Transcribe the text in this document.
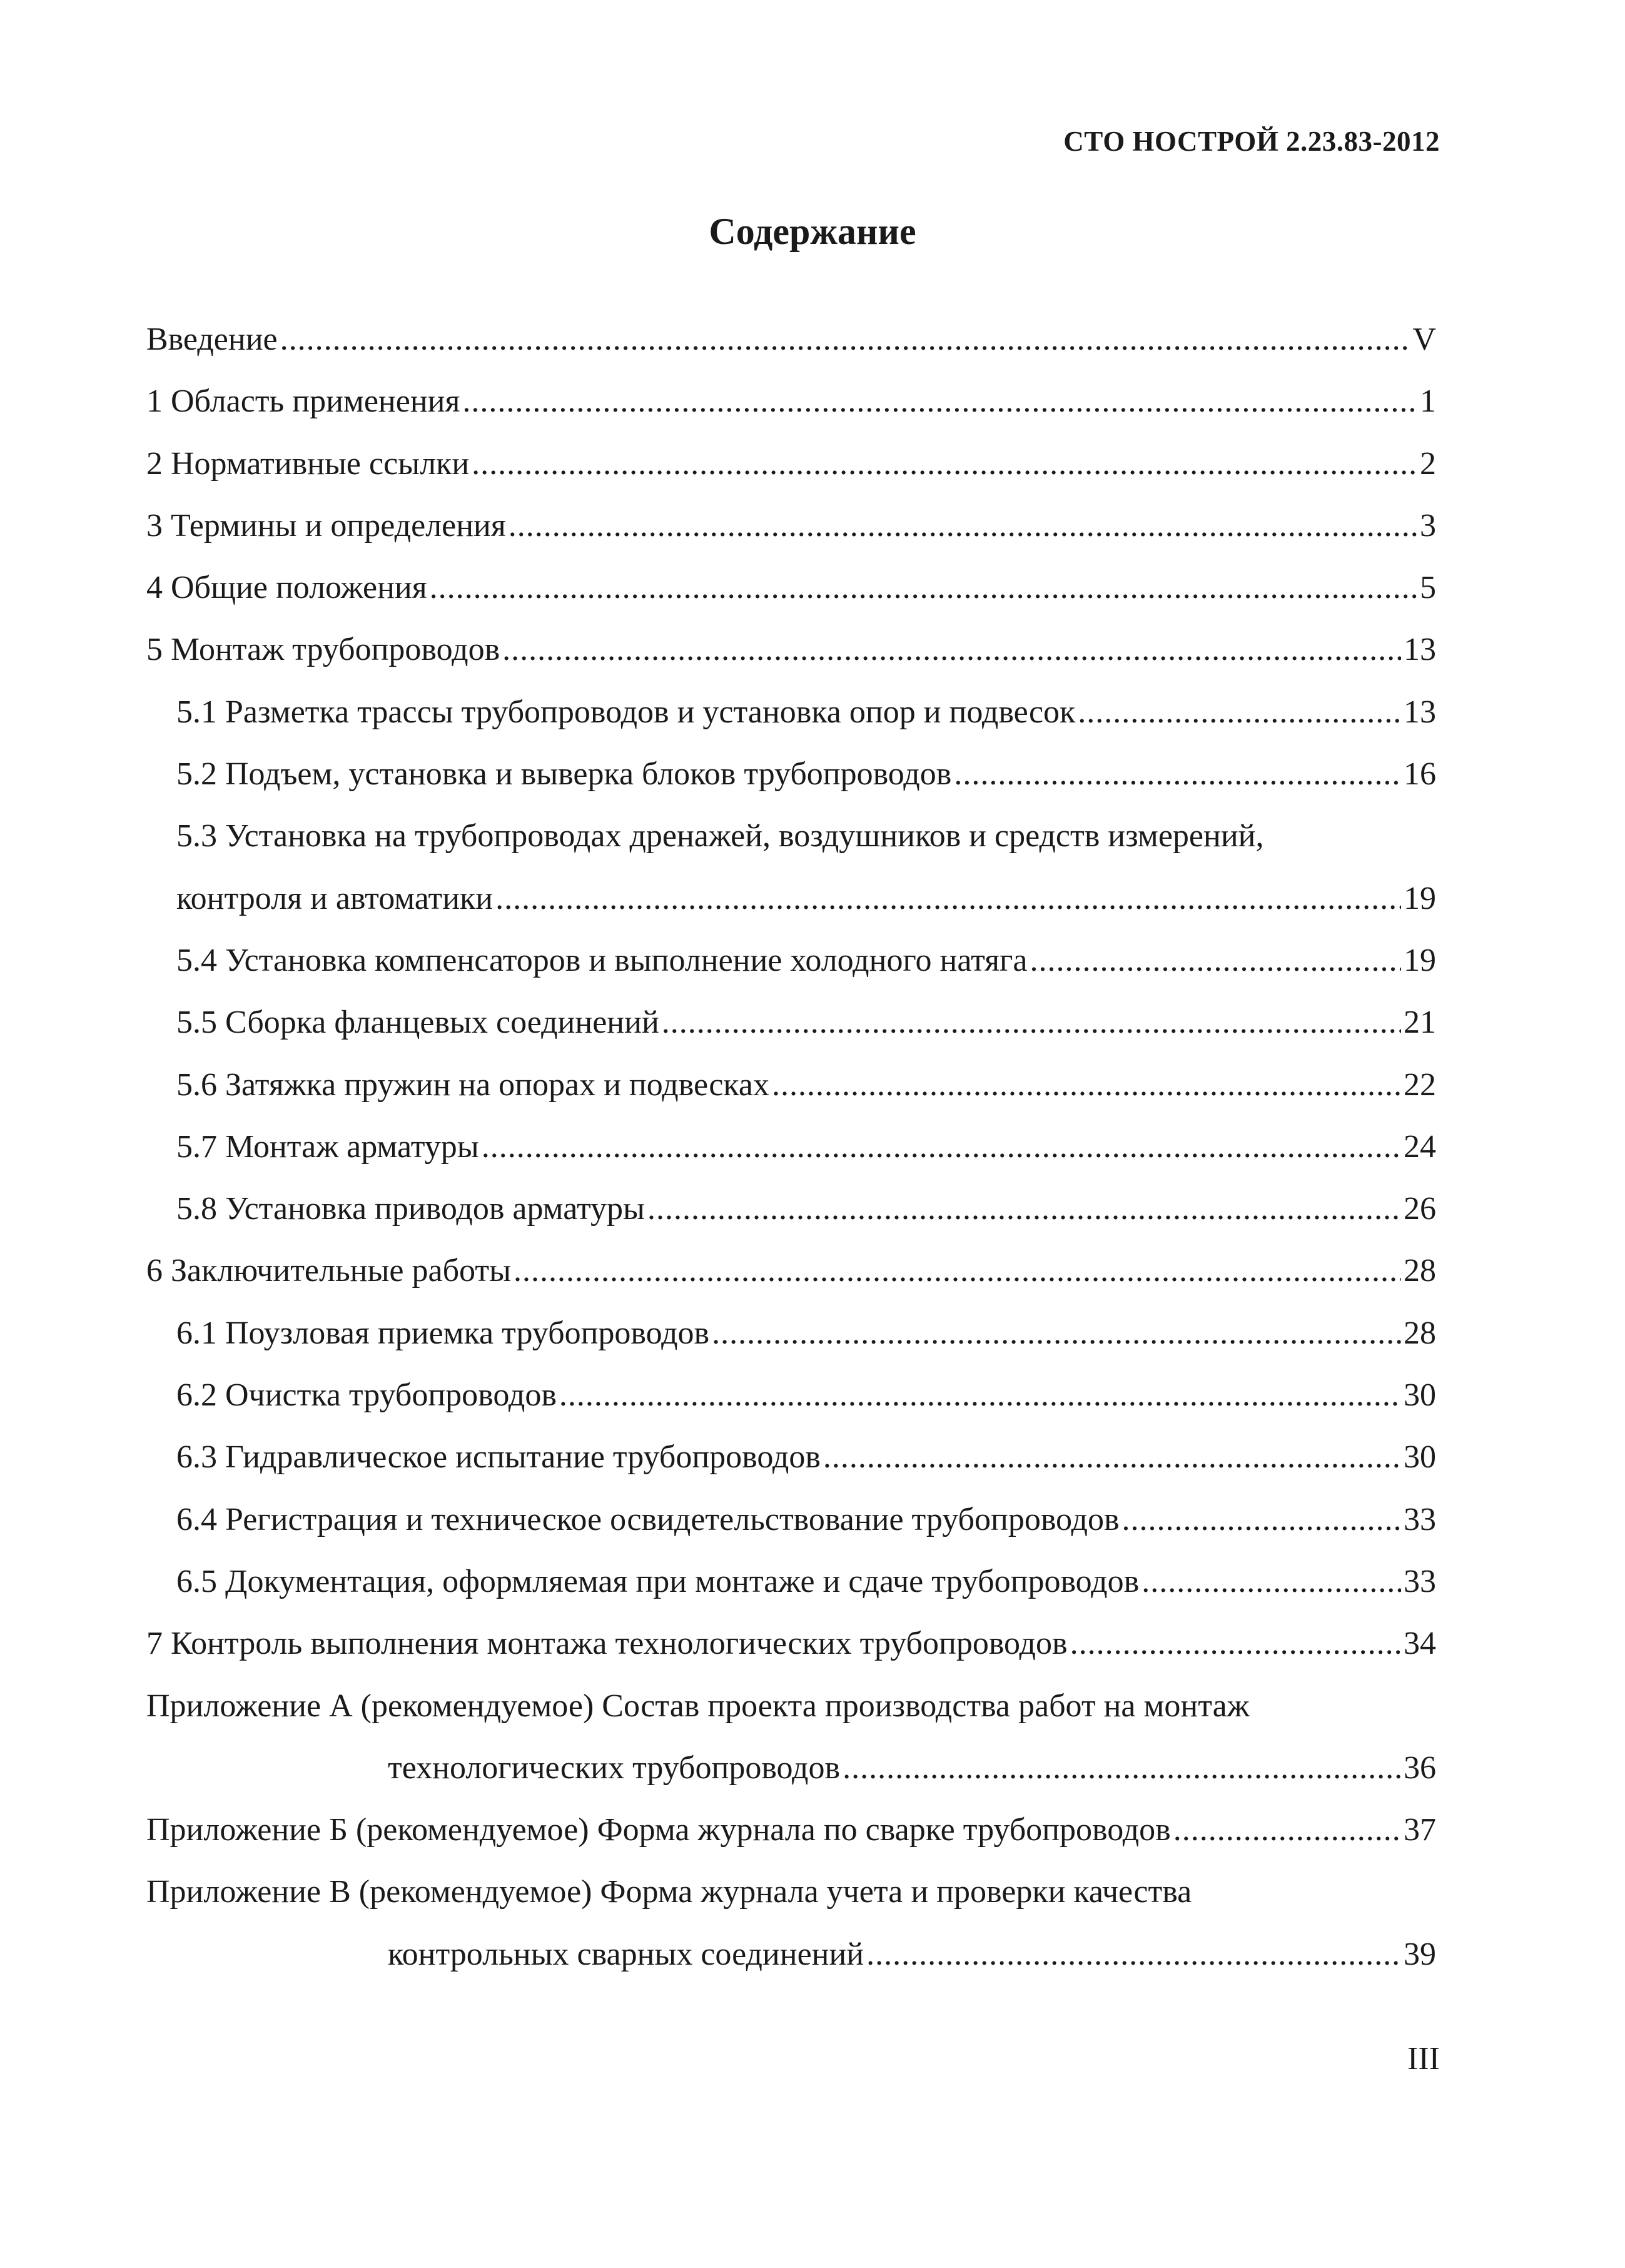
СТО НОСТРОЙ 2.23.83-2012
Содержание
Введение .....	V
1 Область применения .....	1
2 Нормативные ссылки .....	2
3 Термины и определения .....	3
4 Общие положения .....	5
5 Монтаж трубопроводов .....	13
5.1 Разметка трассы трубопроводов и установка опор и подвесок .....	13
5.2 Подъем, установка и выверка блоков трубопроводов .....	16
5.3 Установка на трубопроводах дренажей, воздушников и средств измерений,
контроля и автоматики .....	19
5.4 Установка компенсаторов и выполнение холодного натяга .....	19
5.5 Сборка фланцевых соединений .....	21
5.6 Затяжка пружин на опорах и подвесках .....	22
5.7 Монтаж арматуры .....	24
5.8 Установка приводов арматуры .....	26
6 Заключительные работы .....	28
6.1 Поузловая приемка трубопроводов .....	28
6.2 Очистка трубопроводов .....	30
6.3 Гидравлическое испытание трубопроводов .....	30
6.4 Регистрация и техническое освидетельствование трубопроводов .....	33
6.5 Документация, оформляемая при монтаже и сдаче трубопроводов .....	33
7 Контроль выполнения монтажа технологических трубопроводов .....	34
Приложение А (рекомендуемое) Состав проекта производства работ на монтаж
технологических трубопроводов .....	36
Приложение Б (рекомендуемое) Форма журнала по сварке трубопроводов .....	37
Приложение В (рекомендуемое) Форма журнала учета и проверки качества
контрольных сварных соединений .....	39
III
